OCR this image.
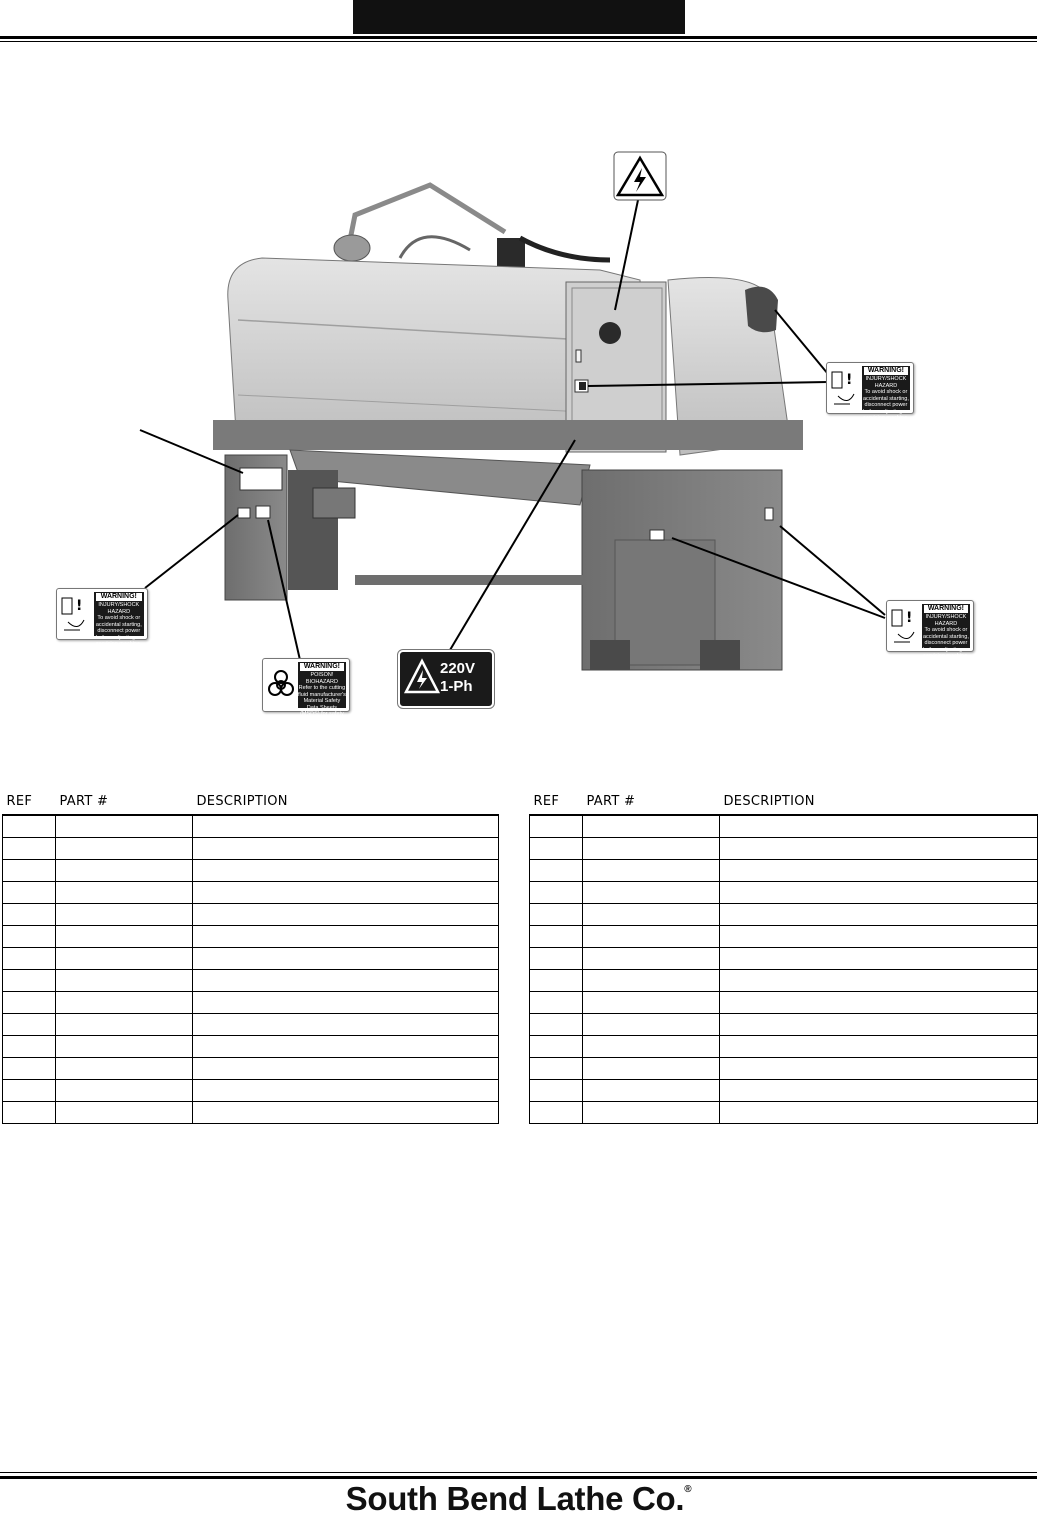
!
WARNING!
INJURY/SHOCK HAZARD
To avoid shock or accidental starting, disconnect power before adjusting or servicing machine.
!
WARNING!
INJURY/SHOCK HAZARD
To avoid shock or accidental starting, disconnect power before adjusting or servicing machine.
!
WARNING!
INJURY/SHOCK HAZARD
To avoid shock or accidental starting, disconnect power before adjusting or servicing machine.
WARNING!
POISON!
BIOHAZARD
Refer to the cutting fluid manufacturer's Material Safety Data Sheets (MSDS) for safety information.
220V
1-Ph
REF	PART #	DESCRIPTION

			REF	PART #	DESCRIPTION

South Bend Lathe Co.®
